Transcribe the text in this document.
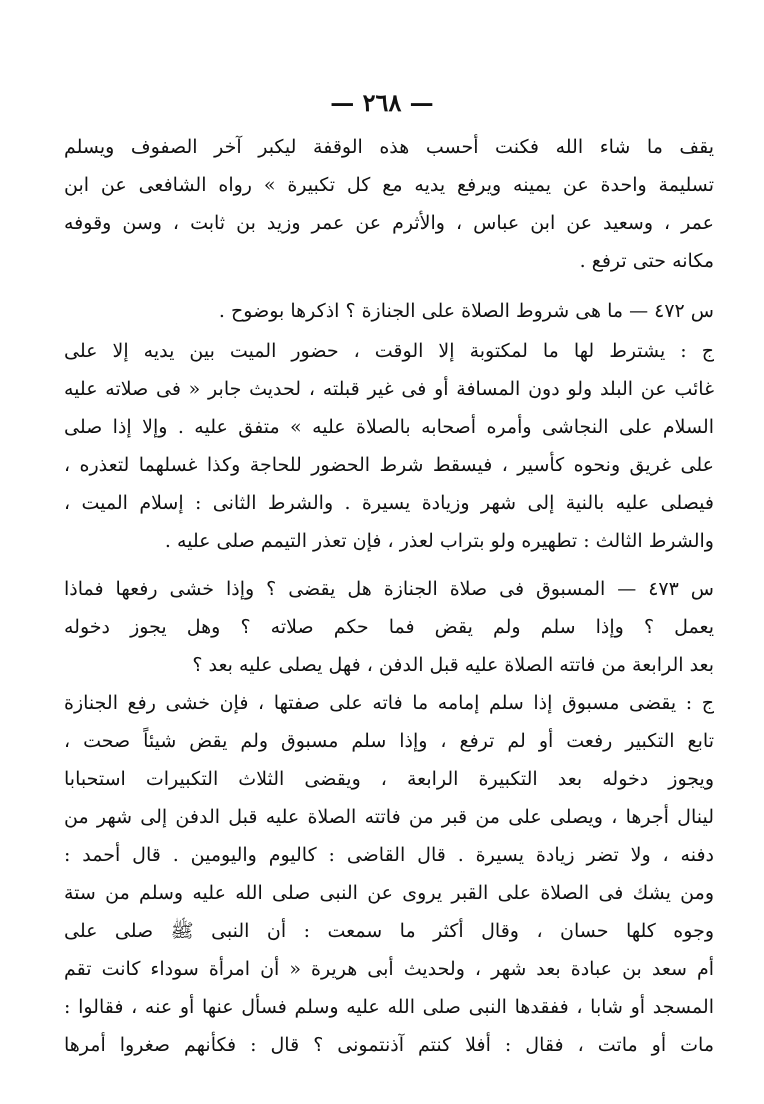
— ٢٦٨ —
يقف ما شاء الله فكنت أحسب هذه الوقفة ليكبر آخر الصفوف ويسلم
تسليمة واحدة عن يمينه ويرفع يديه مع كل تكبيرة » رواه الشافعى عن ابن
عمر ، وسعيد عن ابن عباس ، والأثرم عن عمر وزيد بن ثابت ، وسن وقوفه
مكانه حتى ترفع .
س ٤٧٢ — ما هى شروط الصلاة على الجنازة ؟ اذكرها بوضوح .
ج : يشترط لها ما لمكتوبة إلا الوقت ، حضور الميت بين يديه إلا على
غائب عن البلد ولو دون المسافة أو فى غير قبلته ، لحديث جابر « فى صلاته عليه
السلام على النجاشى وأمره أصحابه بالصلاة عليه » متفق عليه . وإلا إذا صلى
على غريق ونحوه كأسير ، فيسقط شرط الحضور للحاجة وكذا غسلهما لتعذره ،
فيصلى عليه بالنية إلى شهر وزيادة يسيرة . والشرط الثانى : إسلام الميت ،
والشرط الثالث : تطهيره ولو بتراب لعذر ، فإن تعذر التيمم صلى عليه .
س ٤٧٣ — المسبوق فى صلاة الجنازة هل يقضى ؟ وإذا خشى رفعها فماذا
يعمل ؟ وإذا سلم ولم يقض فما حكم صلاته ؟ وهل يجوز دخوله
بعد الرابعة من فاتته الصلاة عليه قبل الدفن ، فهل يصلى عليه بعد ؟
ج : يقضى مسبوق إذا سلم إمامه ما فاته على صفتها ، فإن خشى رفع الجنازة
تابع التكبير رفعت أو لم ترفع ، وإذا سلم مسبوق ولم يقض شيئاً صحت ،
ويجوز دخوله بعد التكبيرة الرابعة ، ويقضى الثلاث التكبيرات استحبابا
لينال أجرها ، ويصلى على من قبر من فاتته الصلاة عليه قبل الدفن إلى شهر من
دفنه ، ولا تضر زيادة يسيرة . قال القاضى : كاليوم واليومين . قال أحمد :
ومن يشك فى الصلاة على القبر يروى عن النبى صلى الله عليه وسلم من ستة
وجوه كلها حسان ، وقال أكثر ما سمعت : أن النبى ﷺ صلى على
أم سعد بن عبادة بعد شهر ، ولحديث أبى هريرة « أن امرأة سوداء كانت تقم
المسجد أو شابا ، ففقدها النبى صلى الله عليه وسلم فسأل عنها أو عنه ، فقالوا :
مات أو ماتت ، فقال : أفلا كنتم آذنتمونى ؟ قال : فكأنهم صغروا أمرها
